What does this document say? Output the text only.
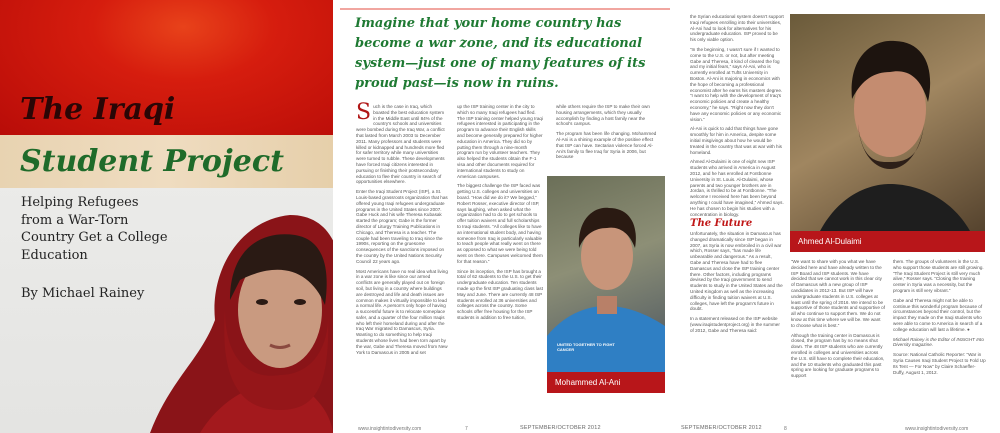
The Iraqi
Student Project
Helping Refugees from a War-Torn Country Get a College Education
By Michael Rainey
Imagine that your home country has become a war zone, and its educational system—just one of many features of its proud past—is now in ruins.

Such is the case in Iraq, which boasted the best education system in the Middle East until 84% of the country's schools and universities were bombed during the Iraq War, a conflict that lasted from March 2003 to December 2011. Many professors and students were killed or kidnapped and hundreds more fled for safer territory while many universities were turned to rubble. These developments have forced Iraqi citizens interested in pursuing or finishing their postsecondary education to flee their country in search of opportunities elsewhere.

Enter the Iraqi Student Project (ISP), a St. Louis-based grassroots organization that has offered young Iraqi refugees undergraduate programs in the United States since 2007. Gabe Huck and his wife Theresa Kubasak started the program; Gabe is the former director of Liturgy Training Publications in Chicago, and Theresa is a teacher. The couple had been traveling to Iraq since the 1990s, reporting on the gruesome consequences of the sanctions imposed on the country by the United Nations Security Council 22 years ago.

Most Americans have no real idea what living in a war zone is like since our armed conflicts are generally played out on foreign soil, but living in a country where buildings are destroyed and life and death issues are common makes it virtually impossible to lead a normal life. A person's only hope of having a successful future is to relocate someplace safer, and a quarter of the four million Iraqis who left their homeland during and after the Iraq War migrated to Damascus, Syria. Wanting to do something to help Iraqi students whose lives had been torn apart by the war, Gabe and Theresa moved from New York to Damascus in 2005 and set

up the ISP training center in the city to which so many Iraqi refugees had fled. The ISP training center helped young Iraqi refugees interested in participating in the program to advance their English skills and become generally prepared for higher education in America. They did so by putting them through a nine-month program run by volunteer teachers. They also helped the students obtain the F-1 visa and other documents required for international students to study on American campuses.

The biggest challenge the ISP faced was getting U.S. colleges and universities on board. “How did we do it? We begged,” Robert Rosser, executive director of ISP, says laughing, when asked what the organization had to do to get schools to offer tuition waivers and full scholarships to Iraqi students. “All colleges like to have an international student body, and having someone from Iraq is particularly valuable to teach people what really went on there as opposed to what we were being told went on there. Campuses welcomed them for that reason.”

Since its inception, the ISP has brought a total of 62 students to the U.S. to get their undergraduate education. Ten students made up the first ISP graduating class last May and June. There are currently 48 ISP students enrolled at 36 universities and colleges across the country. Some schools offer free housing for the ISP students in addition to free tuition,

while others require the ISP to make their own housing arrangements, which they usually accomplish by finding a host family near the school's campus.

The program has been life changing. Mohammed Al-Ani is a shining example of the positive effect that ISP can have. Sectarian violence forced Al-Ani's family to flee Iraq for Syria in 2006, but because

UNITED TOGETHER TO FIGHT CANCER
Mohammed Al-Ani

the Syrian educational system doesn't support Iraqi refugees enrolling into their universities, Al-Ani had to look for alternatives for his undergraduate education. ISP proved to be his only viable option.

“In the beginning, I wasn't sure if I wanted to come to the U.S. or not, but after meeting Gabe and Theresa, it kind of cleared the fog and my initial fears,” says Al-Ani, who is currently enrolled at Tufts University in Boston. Al-Ani is majoring in economics with the hope of becoming a professional economist after he earns his masters degree. “I want to help with the development of Iraq's economic policies and create a healthy economy,” he says. “Right now they don't have any economic policies or any economic vision.”

Al-Ani is quick to add that things have gone smoothly for him in America, despite some initial misgivings about how he would be treated in the country that was at war with his homeland.

Ahmed Al-Dulaimi is one of eight new ISP students who arrived in America in August 2012, and he has enrolled at Fontbonne University in St. Louis. Al-Dulaimi, whose parents and two younger brothers are in Jordan, is thrilled to be at Fontbonne. “The welcome I received here has been beyond anything I could have imagined,” Ahmed says. He has chosen to begin his studies with a concentration in biology.

The Future

Unfortunately, the situation in Damascus has changed dramatically since ISP began in 2007, as Syria is now embroiled in a civil war which, Rosser says, “has made life unbearable and dangerous.” As a result, Gabe and Theresa have had to flee Damascus and close the ISP training center there. Other factors, including programs devised by the Iraqi government to send students to study in the United States and the United Kingdom as well as the increasing difficulty in finding tuition waivers at U.S. colleges, have left the program's future in doubt.

In a statement released on the ISP website (www.iraqistudentproject.org) in the summer of 2012, Gabe and Theresa said:

Ahmed Al-Dulaimi

“We want to share with you what we have decided here and have already written to the ISP Board and ISP students. We have decided that we cannot work in this clear city of Damascus with a new group of ISP candidates in 2012-13. But ISP will have undergraduate students in U.S. colleges at least until the spring of 2016. We intend to be supportive of those students and supportive of all who continue to support them. We do not know at this time where we will be. We want to choose what is best.”

Although the training center in Damascus is closed, the program has by no means shut down. The 48 ISP students who are currently enrolled in colleges and universities across the U.S. still have to complete their education, and the 10 students who graduated this past spring are looking for graduate programs to support

them. The groups of volunteers in the U.S. who support those students are still growing. “The Iraqi Student Project is still very much alive,” Rosser says. “Closing the training center in Syria was a necessity, but the program is still very vibrant.”

Gabe and Theresa might not be able to continue this wonderful program because of circumstances beyond their control, but the impact they made on the Iraqi students who were able to come to America in search of a college education will last a lifetime. ●

Michael Rainey is the Editor of INSIGHT Into Diversity magazine.

Source: National Catholic Reporter: “War in Syria Causes Iraqi Student Project to Fold Up Its Tent — For Now” by Claire Schaeffer-Duffy, August 1, 2012.

www.insightintodiversity.com	7	SEPTEMBER/OCTOBER 2012	SEPTEMBER/OCTOBER 2012	8	www.insightintodiversity.com
